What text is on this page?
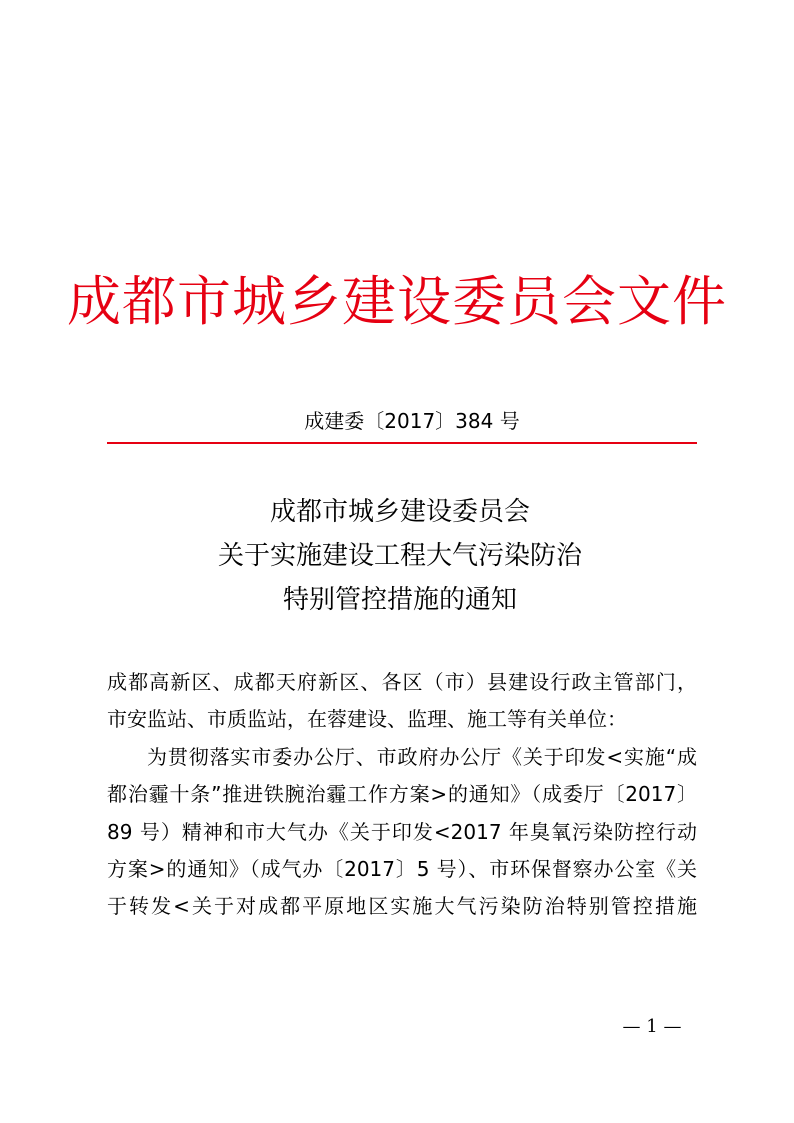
成都市城乡建设委员会文件
成建委〔2017〕384 号
成都市城乡建设委员会
关于实施建设工程大气污染防治
特别管控措施的通知
成都高新区、成都天府新区、各区（市）县建设行政主管部门，
市安监站、市质监站，在蓉建设、监理、施工等有关单位：
为贯彻落实市委办公厅、市政府办公厅《关于印发<实施“成
都治霾十条”推进铁腕治霾工作方案>的通知》（成委厅〔2017〕
89 号）精神和市大气办《关于印发<2017 年臭氧污染防控行动
方案>的通知》（成气办〔2017〕5 号）、市环保督察办公室《关
于转发<关于对成都平原地区实施大气污染防治特别管控措施
— 1 —
